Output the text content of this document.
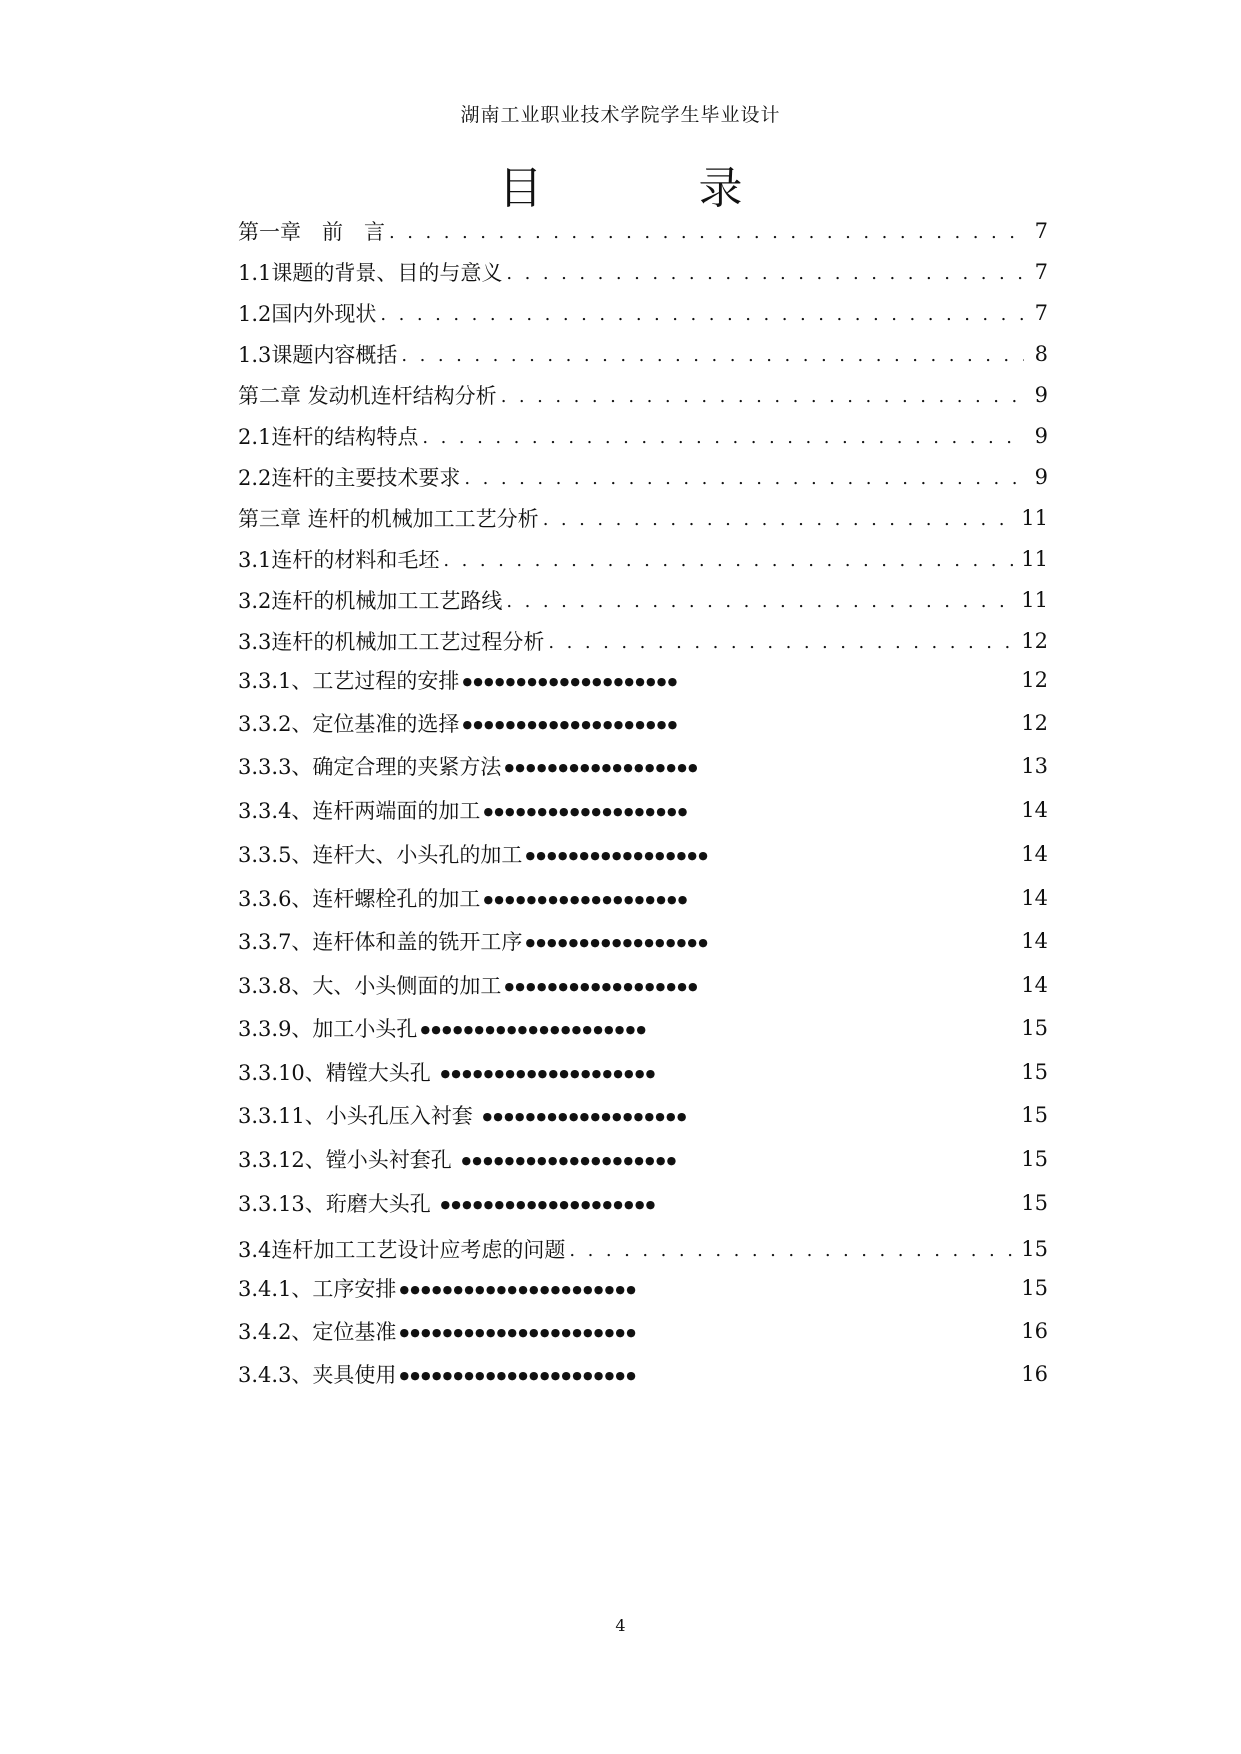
湖南工业职业技术学院学生毕业设计
目　录
第一章　前　言 . . .	7
1.1课题的背景、目的与意义 . . .	7
1.2国内外现状 . . .	7
1.3课题内容概括 . . .	8
第二章 发动机连杆结构分析 . . .	9
2.1连杆的结构特点 . . .	9
2.2连杆的主要技术要求 . . .	9
第三章 连杆的机械加工工艺分析 . . .	11
3.1连杆的材料和毛坯 . . .	11
3.2连杆的机械加工工艺路线 . . .	11
3.3连杆的机械加工工艺过程分析 . . .	12
3.3.1、工艺过程的安排 ●●●●●●●●●●●●●●●●●●●●	12
3.3.2、定位基准的选择 ●●●●●●●●●●●●●●●●●●●●	12
3.3.3、确定合理的夹紧方法 ●●●●●●●●●●●●●●●●●●	13
3.3.4、连杆两端面的加工 ●●●●●●●●●●●●●●●●●●●	14
3.3.5、连杆大、小头孔的加工 ●●●●●●●●●●●●●●●●●	14
3.3.6、连杆螺栓孔的加工 ●●●●●●●●●●●●●●●●●●●	14
3.3.7、连杆体和盖的铣开工序 ●●●●●●●●●●●●●●●●●	14
3.3.8、大、小头侧面的加工 ●●●●●●●●●●●●●●●●●●	14
3.3.9、加工小头孔 ●●●●●●●●●●●●●●●●●●●●●	15
3.3.10、精镗大头孔 ●●●●●●●●●●●●●●●●●●●●	15
3.3.11、小头孔压入衬套 ●●●●●●●●●●●●●●●●●●●	15
3.3.12、镗小头衬套孔 ●●●●●●●●●●●●●●●●●●●●	15
3.3.13、珩磨大头孔 ●●●●●●●●●●●●●●●●●●●●	15
3.4连杆加工工艺设计应考虑的问题 . . .	15
3.4.1、工序安排 ●●●●●●●●●●●●●●●●●●●●●●	15
3.4.2、定位基准 ●●●●●●●●●●●●●●●●●●●●●●	16
3.4.3、夹具使用 ●●●●●●●●●●●●●●●●●●●●●●	16
4
